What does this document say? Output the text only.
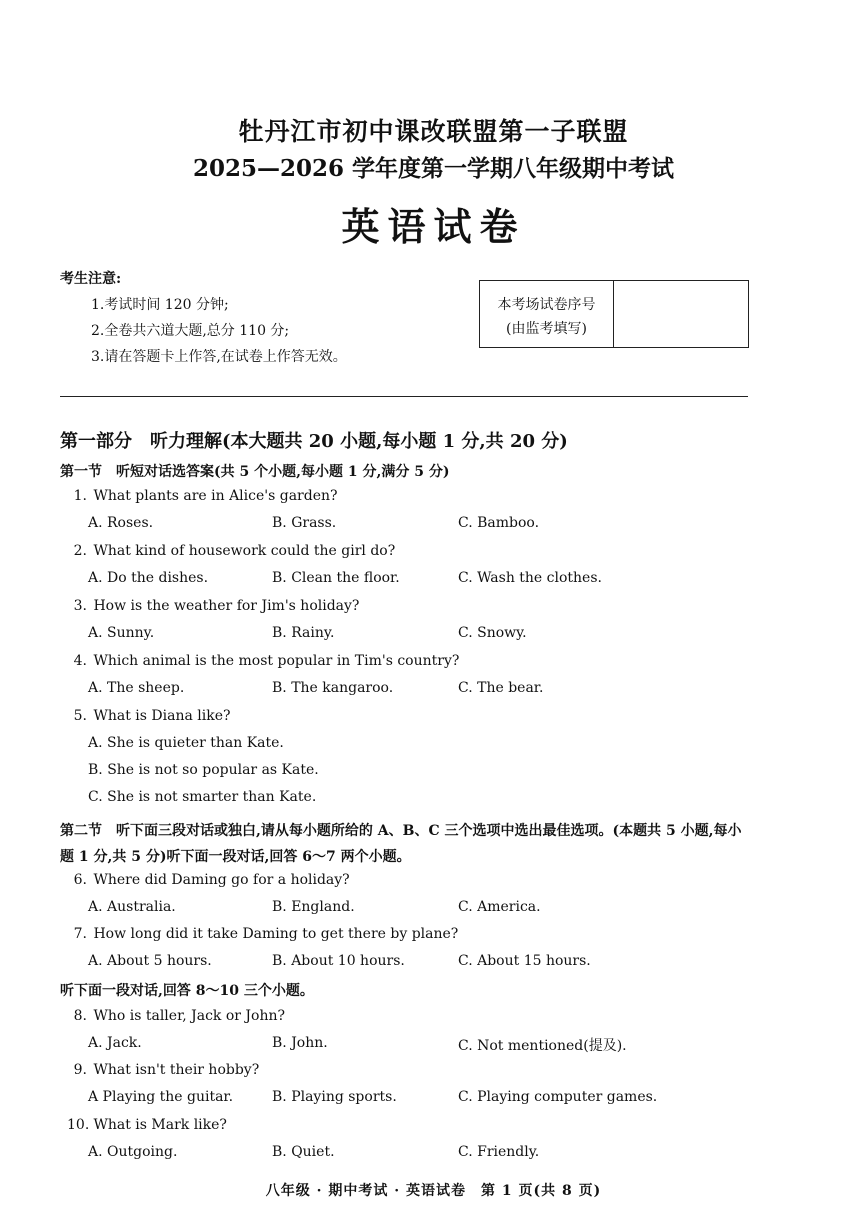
牡丹江市初中课改联盟第一子联盟
2025—2026 学年度第一学期八年级期中考试
英语试卷
考生注意:
1.考试时间 120 分钟;
2.全卷共六道大题,总分 110 分;
3.请在答题卡上作答,在试卷上作答无效。
本考场试卷序号
(由监考填写)
第一部分　听力理解(本大题共 20 小题,每小题 1 分,共 20 分)
第一节　听短对话选答案(共 5 个小题,每小题 1 分,满分 5 分)
1. What plants are in Alice's garden?
A. Roses.	B. Grass.	C. Bamboo.
2. What kind of housework could the girl do?
A. Do the dishes.	B. Clean the floor.	C. Wash the clothes.
3. How is the weather for Jim's holiday?
A. Sunny.	B. Rainy.	C. Snowy.
4. Which animal is the most popular in Tim's country?
A. The sheep.	B. The kangaroo.	C. The bear.
5. What is Diana like?
A. She is quieter than Kate.
B. She is not so popular as Kate.
C. She is not smarter than Kate.
第二节　听下面三段对话或独白,请从每小题所给的 A、B、C 三个选项中选出最佳选项。(本题共 5 小题,每小题 1 分,共 5 分)听下面一段对话,回答 6～7 两个小题。
6. Where did Daming go for a holiday?
A. Australia.	B. England.	C. America.
7. How long did it take Daming to get there by plane?
A. About 5 hours.	B. About 10 hours.	C. About 15 hours.
听下面一段对话,回答 8～10 三个小题。
8. Who is taller, Jack or John?
A. Jack.	B. John.	C. Not mentioned(提及).
9. What isn't their hobby?
A Playing the guitar.	B. Playing sports.	C. Playing computer games.
10. What is Mark like?
A. Outgoing.	B. Quiet.	C. Friendly.
八年级 · 期中考试 · 英语试卷　第 1 页(共 8 页)
